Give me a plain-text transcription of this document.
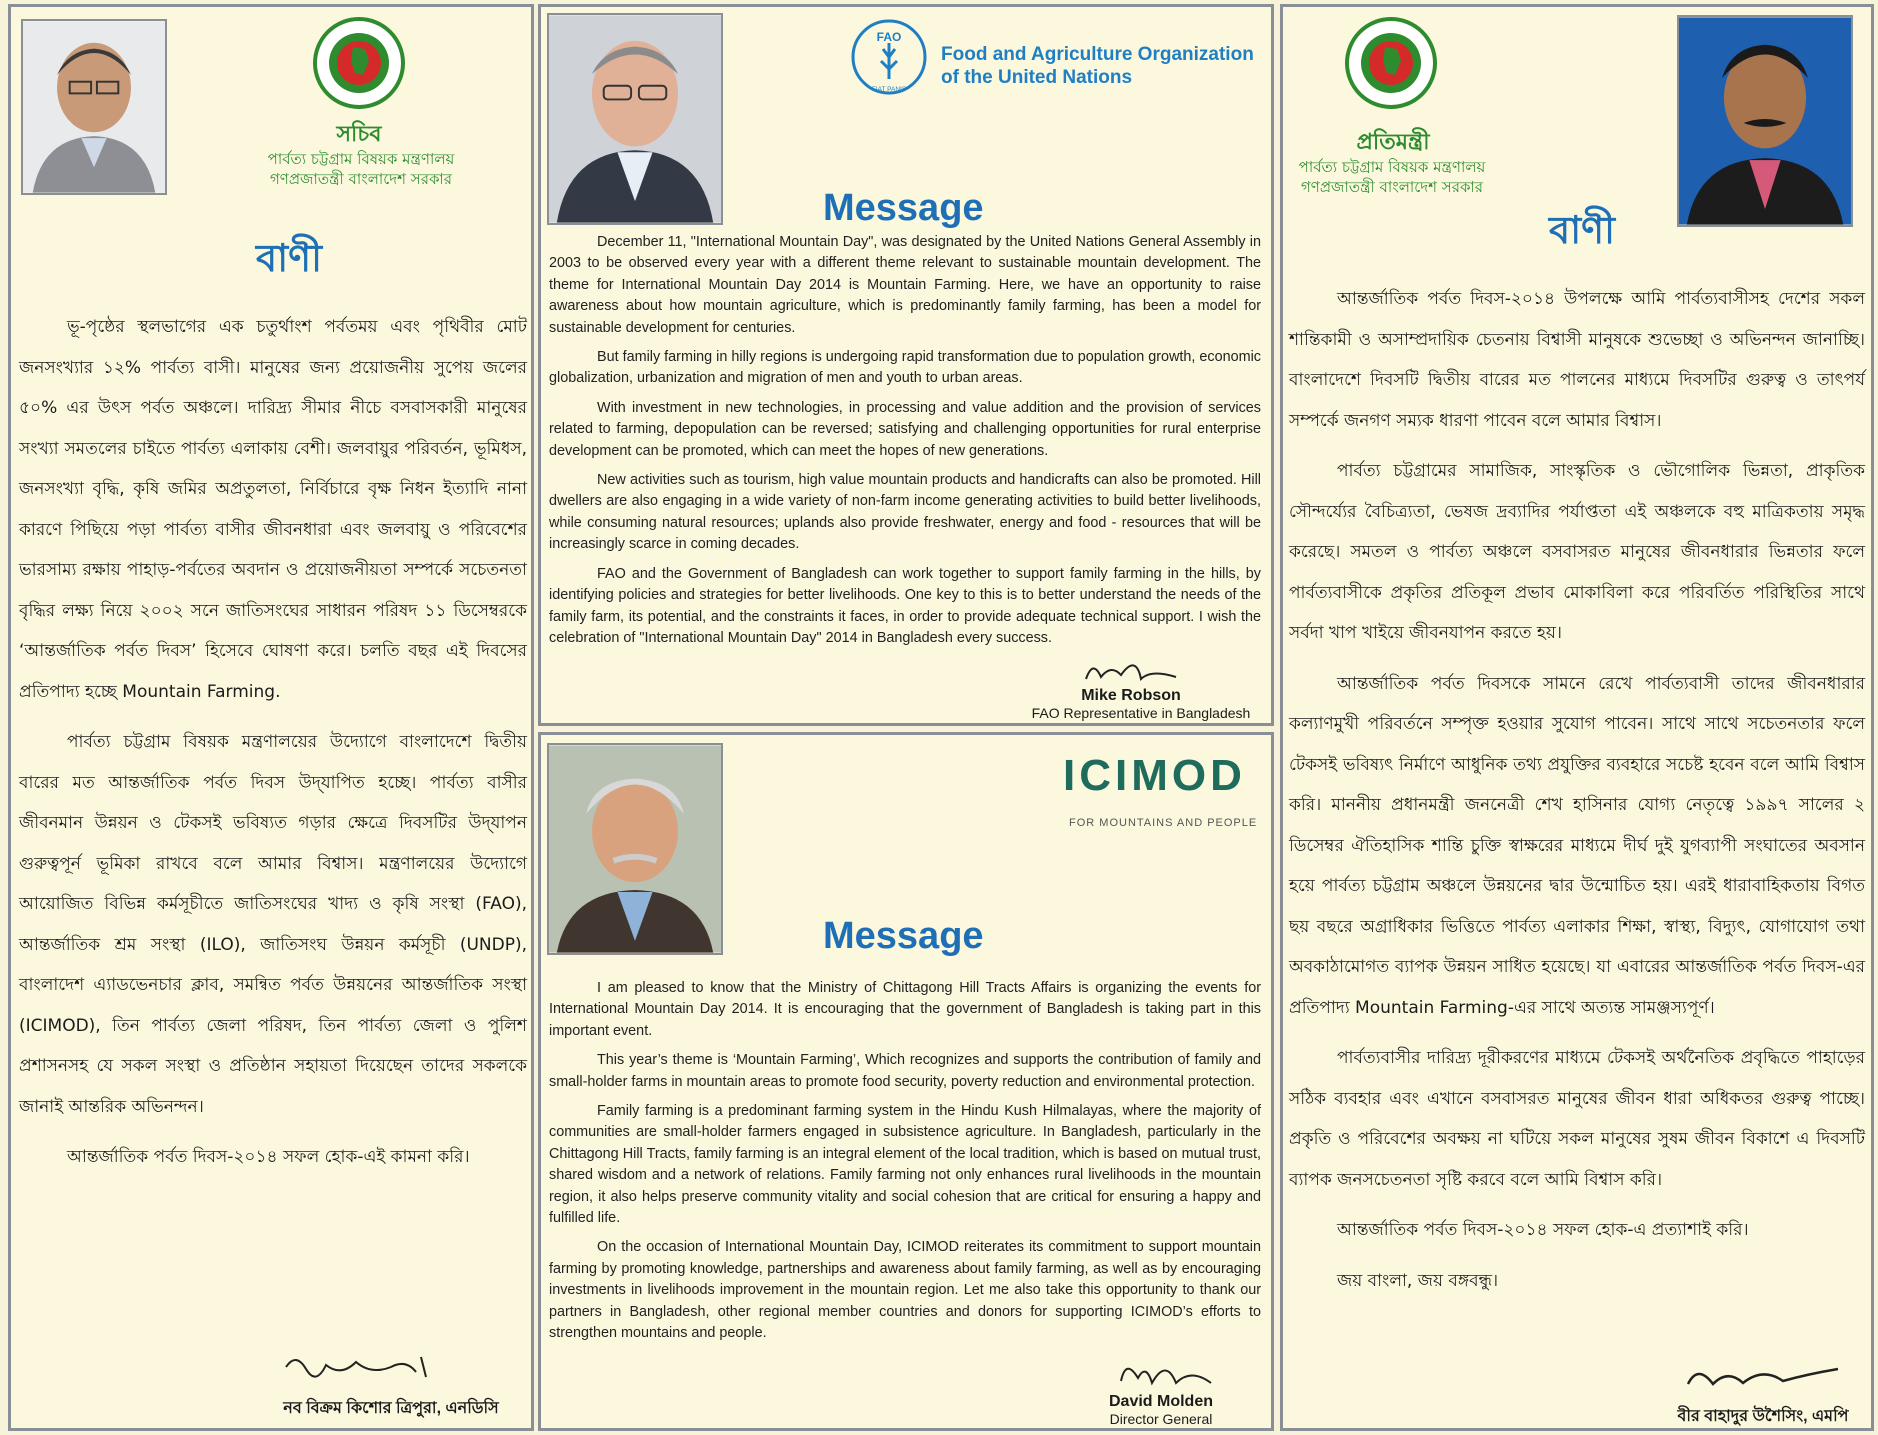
সচিব
পার্বত্য চট্টগ্রাম বিষয়ক মন্ত্রণালয়
গণপ্রজাতন্ত্রী বাংলাদেশ সরকার
বাণী

ভূ-পৃষ্ঠের স্থলভাগের এক চতুর্থাংশ পর্বতময় এবং পৃথিবীর মোট জনসংখ্যার ১২% পার্বত্য বাসী। মানুষের জন্য প্রয়োজনীয় সুপেয় জলের ৫০% এর উৎস পর্বত অঞ্চলে। দারিদ্র্য সীমার নীচে বসবাসকারী মানুষের সংখ্যা সমতলের চাইতে পার্বত্য এলাকায় বেশী। জলবায়ুর পরিবর্তন, ভূমিধস, জনসংখ্যা বৃদ্ধি, কৃষি জমির অপ্রতুলতা, নির্বিচারে বৃক্ষ নিধন ইত্যাদি নানা কারণে পিছিয়ে পড়া পার্বত্য বাসীর জীবনধারা এবং জলবায়ু ও পরিবেশের ভারসাম্য রক্ষায় পাহাড়-পর্বতের অবদান ও প্রয়োজনীয়তা সম্পর্কে সচেতনতা বৃদ্ধির লক্ষ্য নিয়ে ২০০২ সনে জাতিসংঘের সাধারন পরিষদ ১১ ডিসেম্বরকে ‘আন্তর্জাতিক পর্বত দিবস’ হিসেবে ঘোষণা করে। চলতি বছর এই দিবসের প্রতিপাদ্য হচ্ছে Mountain Farming.

পার্বত্য চট্টগ্রাম বিষয়ক মন্ত্রণালয়ের উদ্যোগে বাংলাদেশে দ্বিতীয় বারের মত আন্তর্জাতিক পর্বত দিবস উদ্‌যাপিত হচ্ছে। পার্বত্য বাসীর জীবনমান উন্নয়ন ও টেকসই ভবিষ্যত গড়ার ক্ষেত্রে দিবসটির উদ্‌যাপন গুরুত্বপূর্ন ভূমিকা রাখবে বলে আমার বিশ্বাস। মন্ত্রণালয়ের উদ্যোগে আয়োজিত বিভিন্ন কর্মসূচীতে জাতিসংঘের খাদ্য ও কৃষি সংস্থা (FAO), আন্তর্জাতিক শ্রম সংস্থা (ILO), জাতিসংঘ উন্নয়ন কর্মসূচী (UNDP), বাংলাদেশ এ্যাডভেনচার ক্লাব, সমন্বিত পর্বত উন্নয়নের আন্তর্জাতিক সংস্থা (ICIMOD), তিন পার্বত্য জেলা পরিষদ, তিন পার্বত্য জেলা ও পুলিশ প্রশাসনসহ যে সকল সংস্থা ও প্রতিষ্ঠান সহায়তা দিয়েছেন তাদের সকলকে জানাই আন্তরিক অভিনন্দন।

আন্তর্জাতিক পর্বত দিবস-২০১৪ সফল হোক-এই কামনা করি।

নব বিক্রম কিশোর ত্রিপুরা, এনডিসি
FAO
FIAT PANIS
Food and Agriculture Organization
of the United Nations
Message

December 11, "International Mountain Day", was designated by the United Nations General Assembly in 2003 to be observed every year with a different theme relevant to sustainable mountain development. The theme for International Mountain Day 2014 is Mountain Farming. Here, we have an opportunity to raise awareness about how mountain agriculture, which is predominantly family farming, has been a model for sustainable development for centuries.

But family farming in hilly regions is undergoing rapid transformation due to population growth, economic globalization, urbanization and migration of men and youth to urban areas.

With investment in new technologies, in processing and value addition and the provision of services related to farming, depopulation can be reversed; satisfying and challenging opportunities for rural enterprise development can be promoted, which can meet the hopes of new generations.

New activities such as tourism, high value mountain products and handicrafts can also be promoted. Hill dwellers are also engaging in a wide variety of non-farm income generating activities to build better livelihoods, while consuming natural resources; uplands also provide freshwater, energy and food - resources that will be increasingly scarce in coming decades.

FAO and the Government of Bangladesh can work together to support family farming in the hills, by identifying policies and strategies for better livelihoods. One key to this is to better understand the needs of the family farm, its potential, and the constraints it faces, in order to provide adequate technical support. I wish the celebration of "International Mountain Day" 2014 in Bangladesh every success.

Mike Robson
FAO Representative in Bangladesh
ICIMOD
FOR MOUNTAINS AND PEOPLE
Message

I am pleased to know that the Ministry of Chittagong Hill Tracts Affairs is organizing the events for International Mountain Day 2014. It is encouraging that the government of Bangladesh is taking part in this important event.

This year’s theme is ‘Mountain Farming’, Which recognizes and supports the contribution of family and small-holder farms in mountain areas to promote food security, poverty reduction and environmental protection.

Family farming is a predominant farming system in the Hindu Kush Hilmalayas, where the majority of communities are small-holder farmers engaged in subsistence agriculture. In Bangladesh, particularly in the Chittagong Hill Tracts, family farming is an integral element of the local tradition, which is based on mutual trust, shared wisdom and a network of relations. Family farming not only enhances rural livelihoods in the mountain region, it also helps preserve community vitality and social cohesion that are critical for ensuring a happy and fulfilled life.

On the occasion of International Mountain Day, ICIMOD reiterates its commitment to support mountain farming by promoting knowledge, partnerships and awareness about family farming, as well as by encouraging investments in livelihoods improvement in the mountain region. Let me also take this opportunity to thank our partners in Bangladesh, other regional member countries and donors for supporting ICIMOD’s efforts to strengthen mountains and people.

David Molden
Director General
প্রতিমন্ত্রী
পার্বত্য চট্টগ্রাম বিষয়ক মন্ত্রণালয়
গণপ্রজাতন্ত্রী বাংলাদেশ সরকার
বাণী

আন্তর্জাতিক পর্বত দিবস-২০১৪ উপলক্ষে আমি পার্বত্যবাসীসহ দেশের সকল শান্তিকামী ও অসাম্প্রদায়িক চেতনায় বিশ্বাসী মানুষকে শুভেচ্ছা ও অভিনন্দন জানাচ্ছি। বাংলাদেশে দিবসটি দ্বিতীয় বারের মত পালনের মাধ্যমে দিবসটির গুরুত্ব ও তাৎপর্য সম্পর্কে জনগণ সম্যক ধারণা পাবেন বলে আমার বিশ্বাস।

পার্বত্য চট্টগ্রামের সামাজিক, সাংস্কৃতিক ও ভৌগোলিক ভিন্নতা, প্রাকৃতিক সৌন্দর্য্যের বৈচিত্র্যতা, ভেষজ দ্রব্যাদির পর্যাপ্ততা এই অঞ্চলকে বহু মাত্রিকতায় সমৃদ্ধ করেছে। সমতল ও পার্বত্য অঞ্চলে বসবাসরত মানুষের জীবনধারার ভিন্নতার ফলে পার্বত্যবাসীকে প্রকৃতির প্রতিকূল প্রভাব মোকাবিলা করে পরিবর্তিত পরিস্থিতির সাথে সর্বদা খাপ খাইয়ে জীবনযাপন করতে হয়।

আন্তর্জাতিক পর্বত দিবসকে সামনে রেখে পার্বত্যবাসী তাদের জীবনধারার কল্যাণমুখী পরিবর্তনে সম্পৃক্ত হওয়ার সুযোগ পাবেন। সাথে সাথে সচেতনতার ফলে টেকসই ভবিষ্যৎ নির্মাণে আধুনিক তথ্য প্রযুক্তির ব্যবহারে সচেষ্ট হবেন বলে আমি বিশ্বাস করি। মাননীয় প্রধানমন্ত্রী জননেত্রী শেখ হাসিনার যোগ্য নেতৃত্বে ১৯৯৭ সালের ২ ডিসেম্বর ঐতিহাসিক শান্তি চুক্তি স্বাক্ষরের মাধ্যমে দীর্ঘ দুই যুগব্যাপী সংঘাতের অবসান হয়ে পার্বত্য চট্টগ্রাম অঞ্চলে উন্নয়নের দ্বার উন্মোচিত হয়। এরই ধারাবাহিকতায় বিগত ছয় বছরে অগ্রাধিকার ভিত্তিতে পার্বত্য এলাকার শিক্ষা, স্বাস্থ্য, বিদ্যুৎ, যোগাযোগ তথা অবকাঠামোগত ব্যাপক উন্নয়ন সাধিত হয়েছে। যা এবারের আন্তর্জাতিক পর্বত দিবস-এর প্রতিপাদ্য Mountain Farming-এর সাথে অত্যন্ত সামঞ্জস্যপূর্ণ।

পার্বত্যবাসীর দারিদ্র্য দূরীকরণের মাধ্যমে টেকসই অর্থনৈতিক প্রবৃদ্ধিতে পাহাড়ের সঠিক ব্যবহার এবং এখানে বসবাসরত মানুষের জীবন ধারা অধিকতর গুরুত্ব পাচ্ছে। প্রকৃতি ও পরিবেশের অবক্ষয় না ঘটিয়ে সকল মানুষের সুষম জীবন বিকাশে এ দিবসটি ব্যাপক জনসচেতনতা সৃষ্টি করবে বলে আমি বিশ্বাস করি।

আন্তর্জাতিক পর্বত দিবস-২০১৪ সফল হোক-এ প্রত্যাশাই করি।

জয় বাংলা, জয় বঙ্গবন্ধু।

বীর বাহাদুর উশৈসিং, এমপি
